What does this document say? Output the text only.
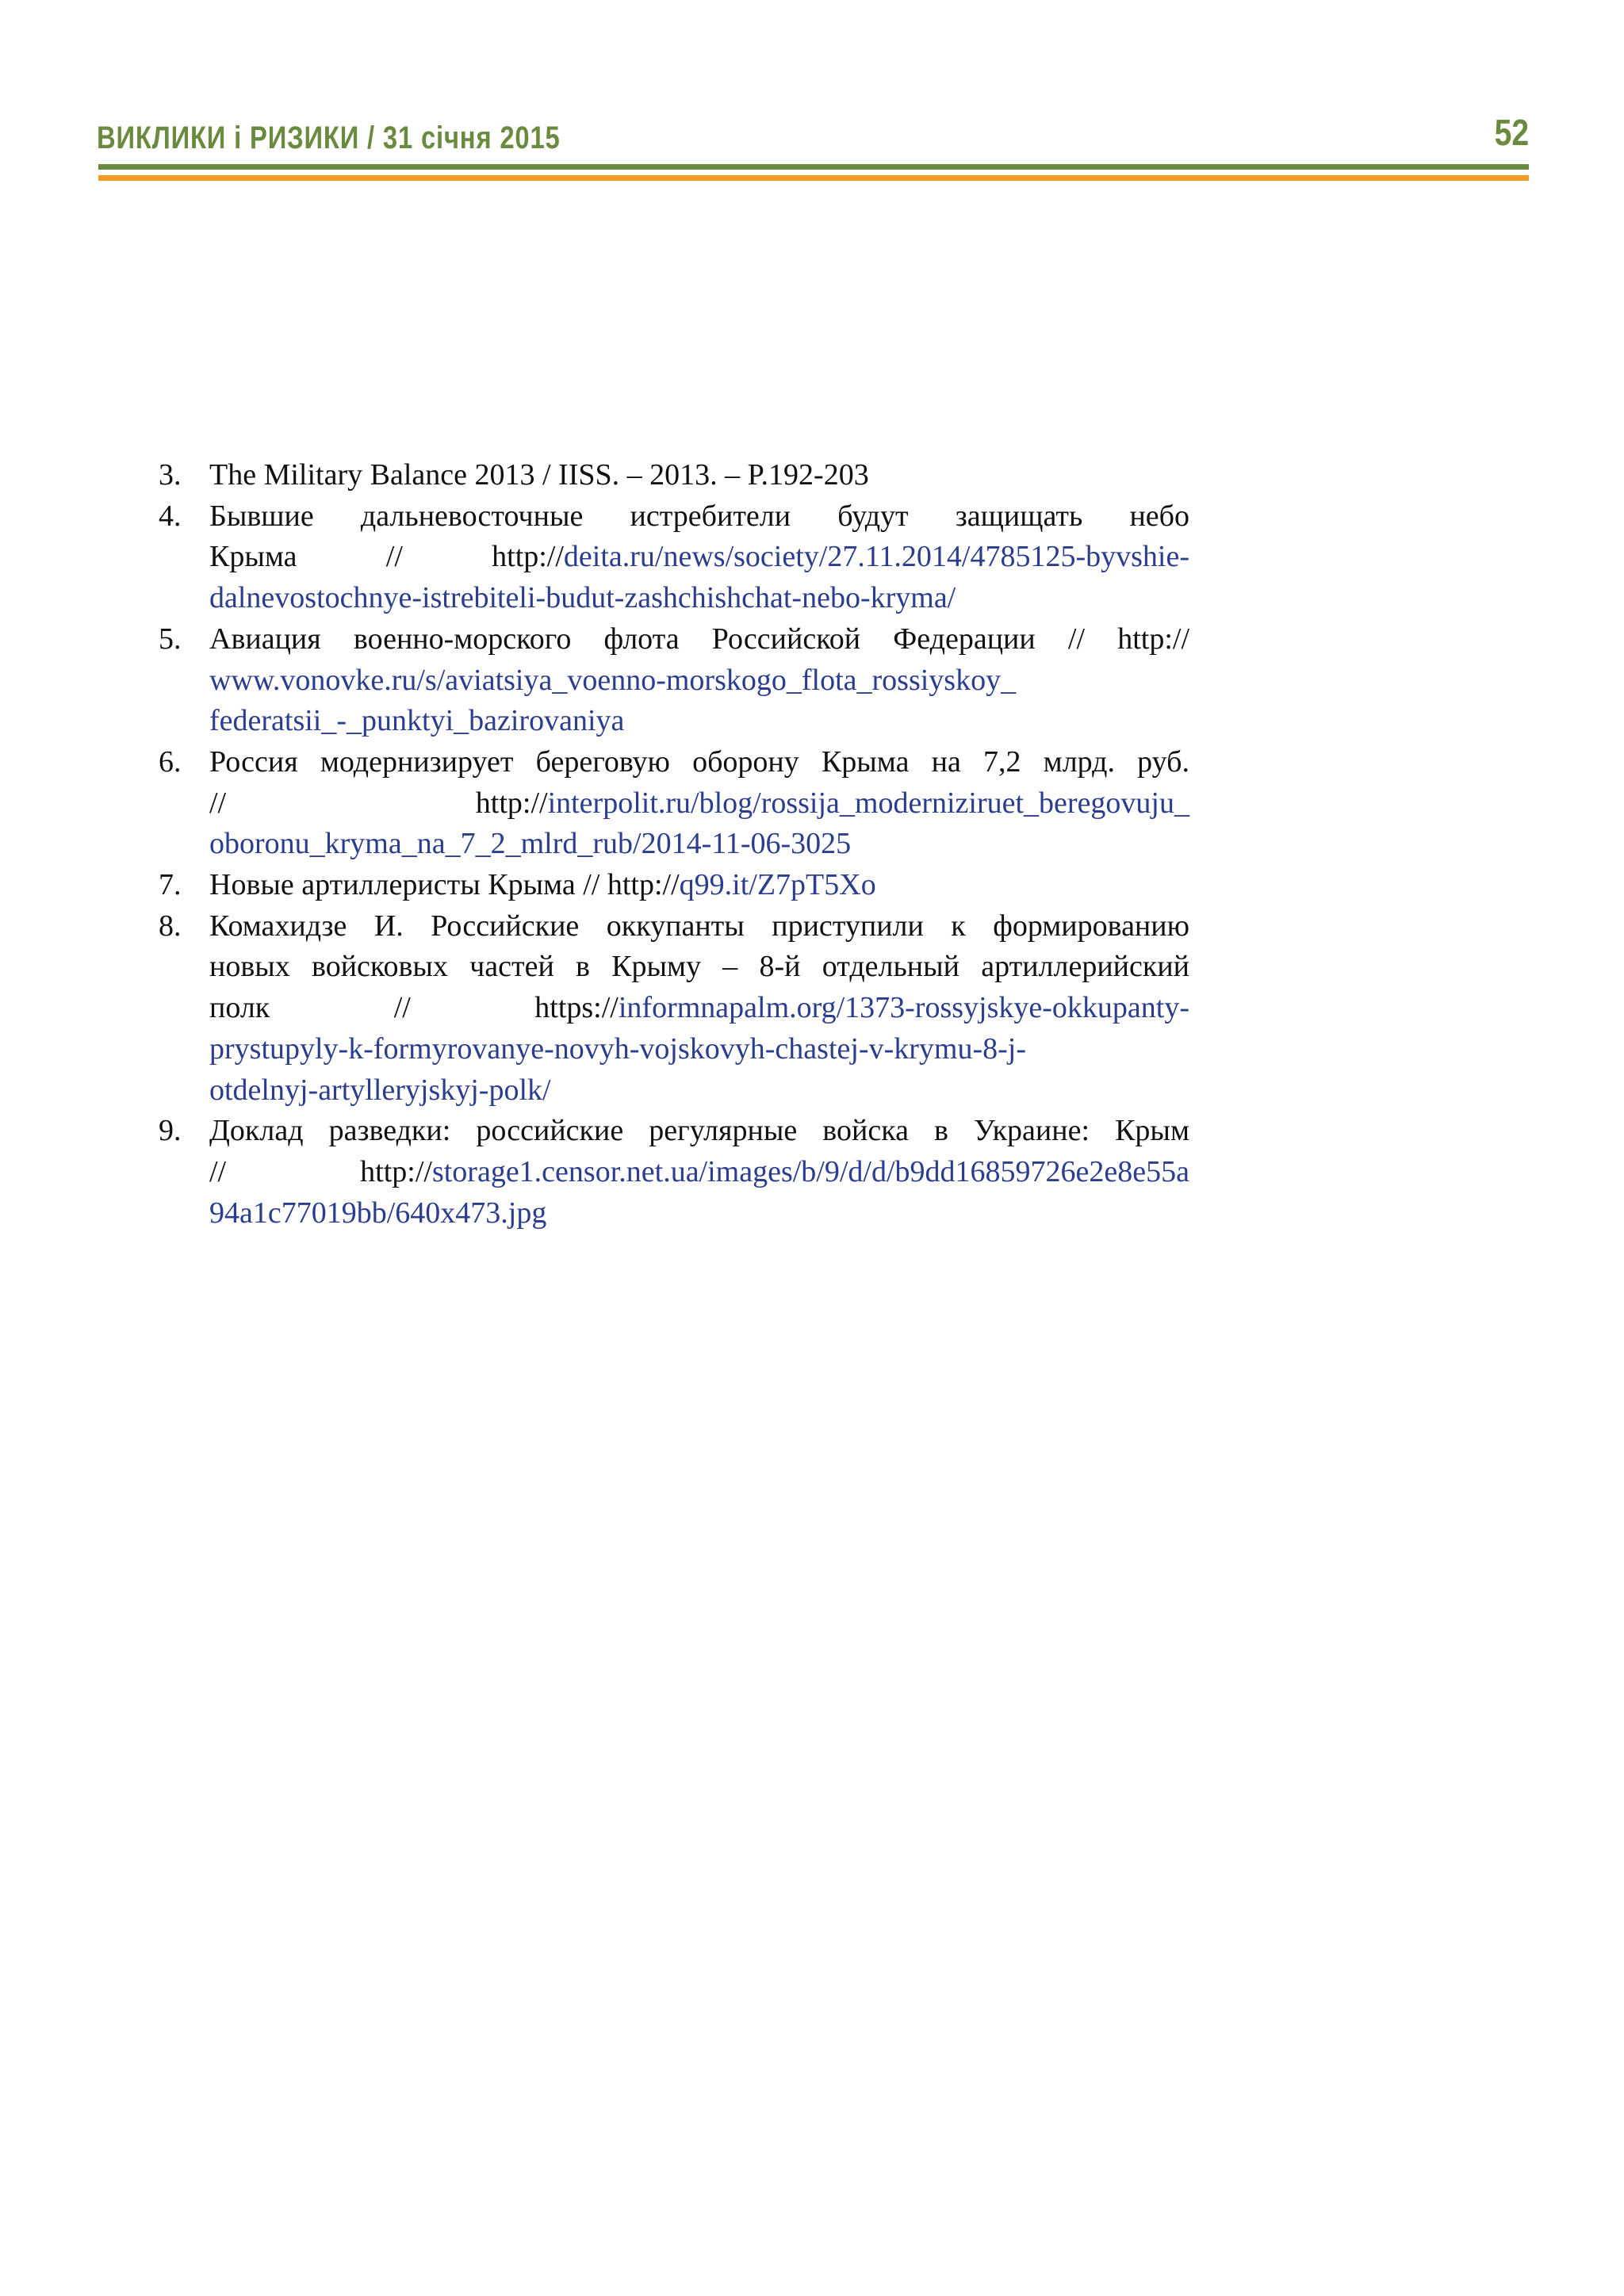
ВИКЛИКИ і РИЗИКИ / 31 січня 2015	52
3. The Military Balance 2013 / IISS. – 2013. – P.192-203
4. Бывшие дальневосточные истребители будут защищать небо
Крыма // http://deita.ru/news/society/27.11.2014/4785125-byvshie-
dalnevostochnye-istrebiteli-budut-zashchishchat-nebo-kryma/
5. Авиация военно-морского флота Российской Федерации // http://
www.vonovke.ru/s/aviatsiya_voenno-morskogo_flota_rossiyskoy_
federatsii_-_punktyi_bazirovaniya
6. Россия модернизирует береговую оборону Крыма на 7,2 млрд. руб.
// http://interpolit.ru/blog/rossija_moderniziruet_beregovuju_
oboronu_kryma_na_7_2_mlrd_rub/2014-11-06-3025
7. Новые артиллеристы Крыма // http://q99.it/Z7pT5Xo
8. Комахидзе И. Российские оккупанты приступили к формированию
новых войсковых частей в Крыму – 8-й отдельный артиллерийский
полк // https://informnapalm.org/1373-rossyjskye-okkupanty-
prystupyly-k-formyrovanye-novyh-vojskovyh-chastej-v-krymu-8-j-
otdelnyj-artylleryjskyj-polk/
9. Доклад разведки: российские регулярные войска в Украине: Крым
// http://storage1.censor.net.ua/images/b/9/d/d/b9dd16859726e2e8e55a
94a1c77019bb/640x473.jpg
